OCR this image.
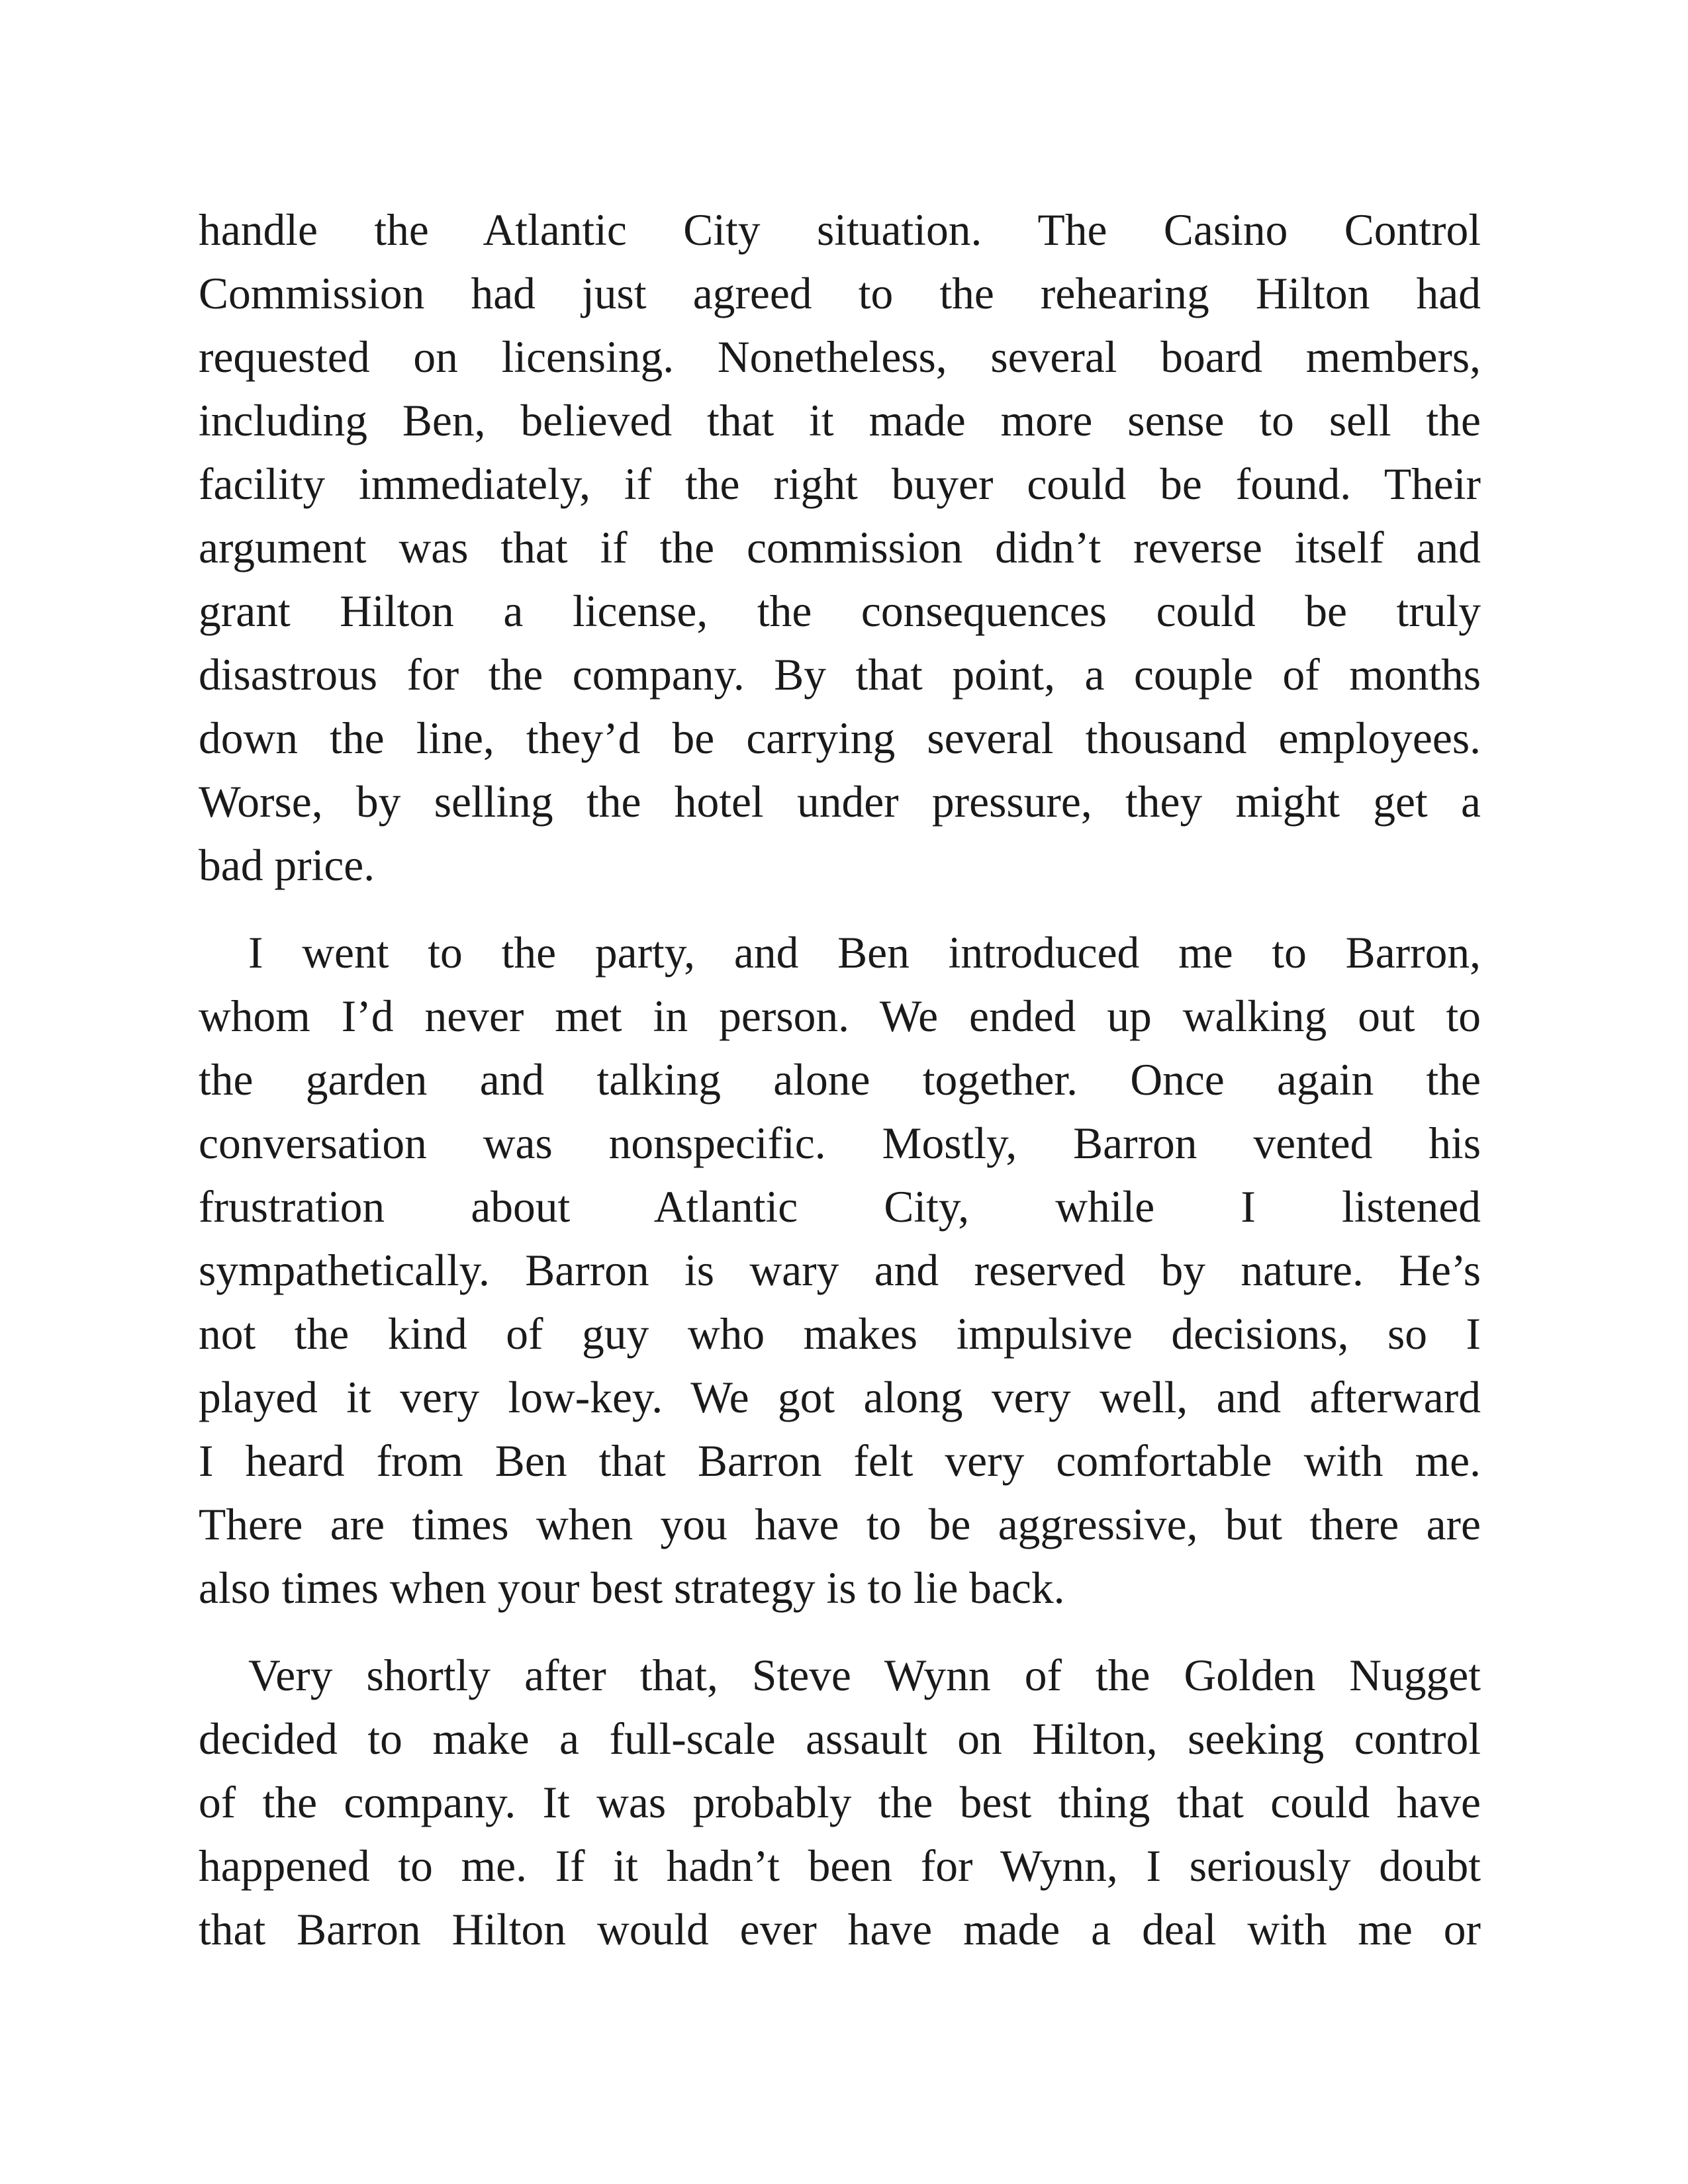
handle the Atlantic City situation. The Casino Control
Commission had just agreed to the rehearing Hilton had
requested on licensing. Nonetheless, several board members,
including Ben, believed that it made more sense to sell the
facility immediately, if the right buyer could be found. Their
argument was that if the commission didn’t reverse itself and
grant Hilton a license, the consequences could be truly
disastrous for the company. By that point, a couple of months
down the line, they’d be carrying several thousand employees.
Worse, by selling the hotel under pressure, they might get a
bad price.
I went to the party, and Ben introduced me to Barron,
whom I’d never met in person. We ended up walking out to
the garden and talking alone together. Once again the
conversation was nonspecific. Mostly, Barron vented his
frustration about Atlantic City, while I listened
sympathetically. Barron is wary and reserved by nature. He’s
not the kind of guy who makes impulsive decisions, so I
played it very low-key. We got along very well, and afterward
I heard from Ben that Barron felt very comfortable with me.
There are times when you have to be aggressive, but there are
also times when your best strategy is to lie back.
Very shortly after that, Steve Wynn of the Golden Nugget
decided to make a full-scale assault on Hilton, seeking control
of the company. It was probably the best thing that could have
happened to me. If it hadn’t been for Wynn, I seriously doubt
that Barron Hilton would ever have made a deal with me or
